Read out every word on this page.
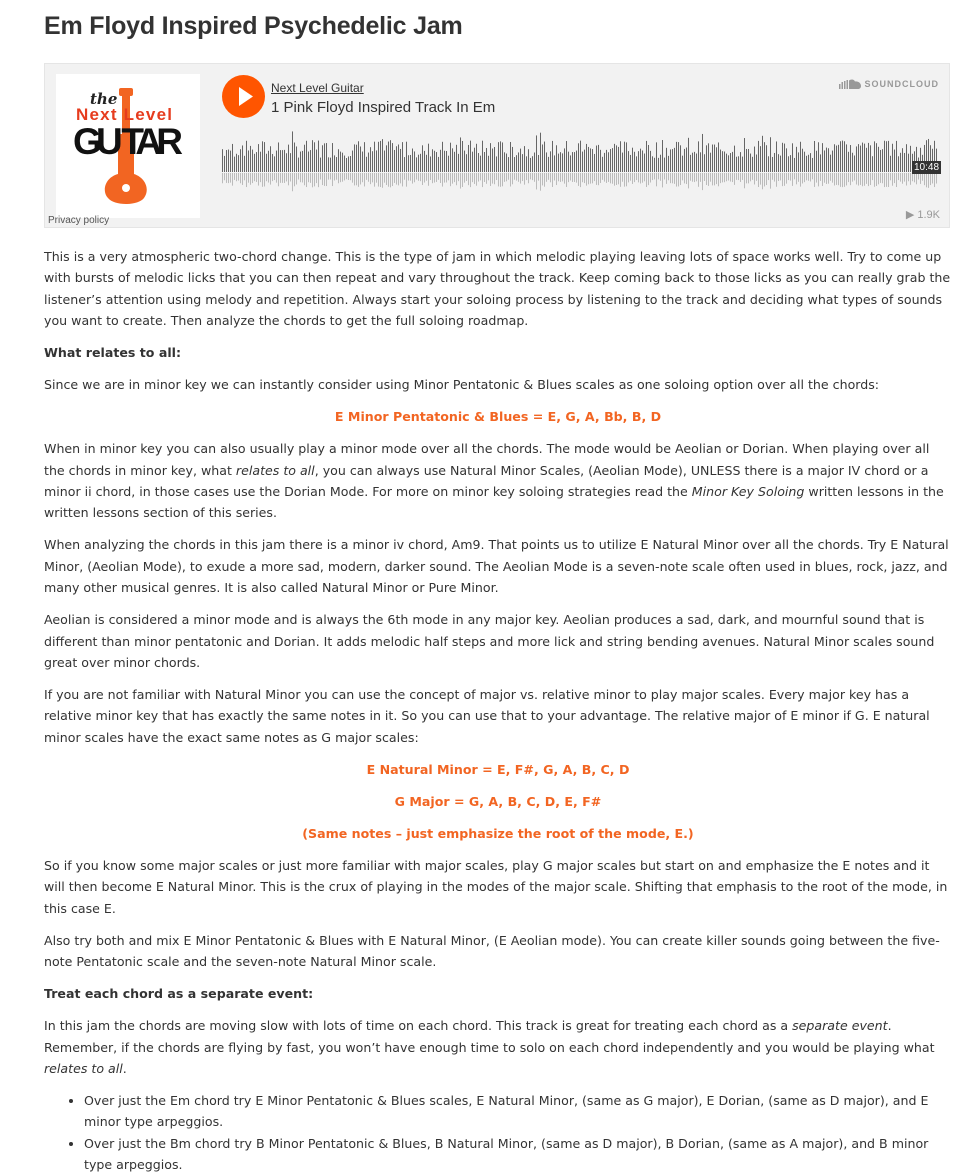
Em Floyd Inspired Psychedelic Jam
the
Next Level
GU TAR
Privacy policy
Next Level Guitar
1 Pink Floyd Inspired Track In Em
SOUNDCLOUD
10:48
▶ 1.9K

This is a very atmospheric two-chord change. This is the type of jam in which melodic playing leaving lots of space works well. Try to come up with bursts of melodic licks that you can then repeat and vary throughout the track. Keep coming back to those licks as you can really grab the listener’s attention using melody and repetition. Always start your soloing process by listening to the track and deciding what types of sounds you want to create. Then analyze the chords to get the full soloing roadmap.

What relates to all:

Since we are in minor key we can instantly consider using Minor Pentatonic & Blues scales as one soloing option over all the chords:

E Minor Pentatonic & Blues = E, G, A, Bb, B, D

When in minor key you can also usually play a minor mode over all the chords. The mode would be Aeolian or Dorian. When playing over all the chords in minor key, what relates to all, you can always use Natural Minor Scales, (Aeolian Mode), UNLESS there is a major IV chord or a minor ii chord, in those cases use the Dorian Mode. For more on minor key soloing strategies read the Minor Key Soloing written lessons in the written lessons section of this series.

When analyzing the chords in this jam there is a minor iv chord, Am9. That points us to utilize E Natural Minor over all the chords. Try E Natural Minor, (Aeolian Mode), to exude a more sad, modern, darker sound. The Aeolian Mode is a seven-note scale often used in blues, rock, jazz, and many other musical genres. It is also called Natural Minor or Pure Minor.

Aeolian is considered a minor mode and is always the 6th mode in any major key. Aeolian produces a sad, dark, and mournful sound that is different than minor pentatonic and Dorian. It adds melodic half steps and more lick and string bending avenues. Natural Minor scales sound great over minor chords.

If you are not familiar with Natural Minor you can use the concept of major vs. relative minor to play major scales. Every major key has a relative minor key that has exactly the same notes in it. So you can use that to your advantage. The relative major of E minor if G. E natural minor scales have the exact same notes as G major scales:

E Natural Minor = E, F#, G, A, B, C, D

G Major = G, A, B, C, D, E, F#

(Same notes – just emphasize the root of the mode, E.)

So if you know some major scales or just more familiar with major scales, play G major scales but start on and emphasize the E notes and it will then become E Natural Minor. This is the crux of playing in the modes of the major scale. Shifting that emphasis to the root of the mode, in this case E.

Also try both and mix E Minor Pentatonic & Blues with E Natural Minor, (E Aeolian mode). You can create killer sounds going between the five-note Pentatonic scale and the seven-note Natural Minor scale.

Treat each chord as a separate event:

In this jam the chords are moving slow with lots of time on each chord. This track is great for treating each chord as a separate event. Remember, if the chords are flying by fast, you won’t have enough time to solo on each chord independently and you would be playing what relates to all.

• Over just the Em chord try E Minor Pentatonic & Blues scales, E Natural Minor, (same as G major), E Dorian, (same as D major), and E minor type arpeggios.
• Over just the Bm chord try B Minor Pentatonic & Blues, B Natural Minor, (same as D major), B Dorian, (same as A major), and B minor type arpeggios.
